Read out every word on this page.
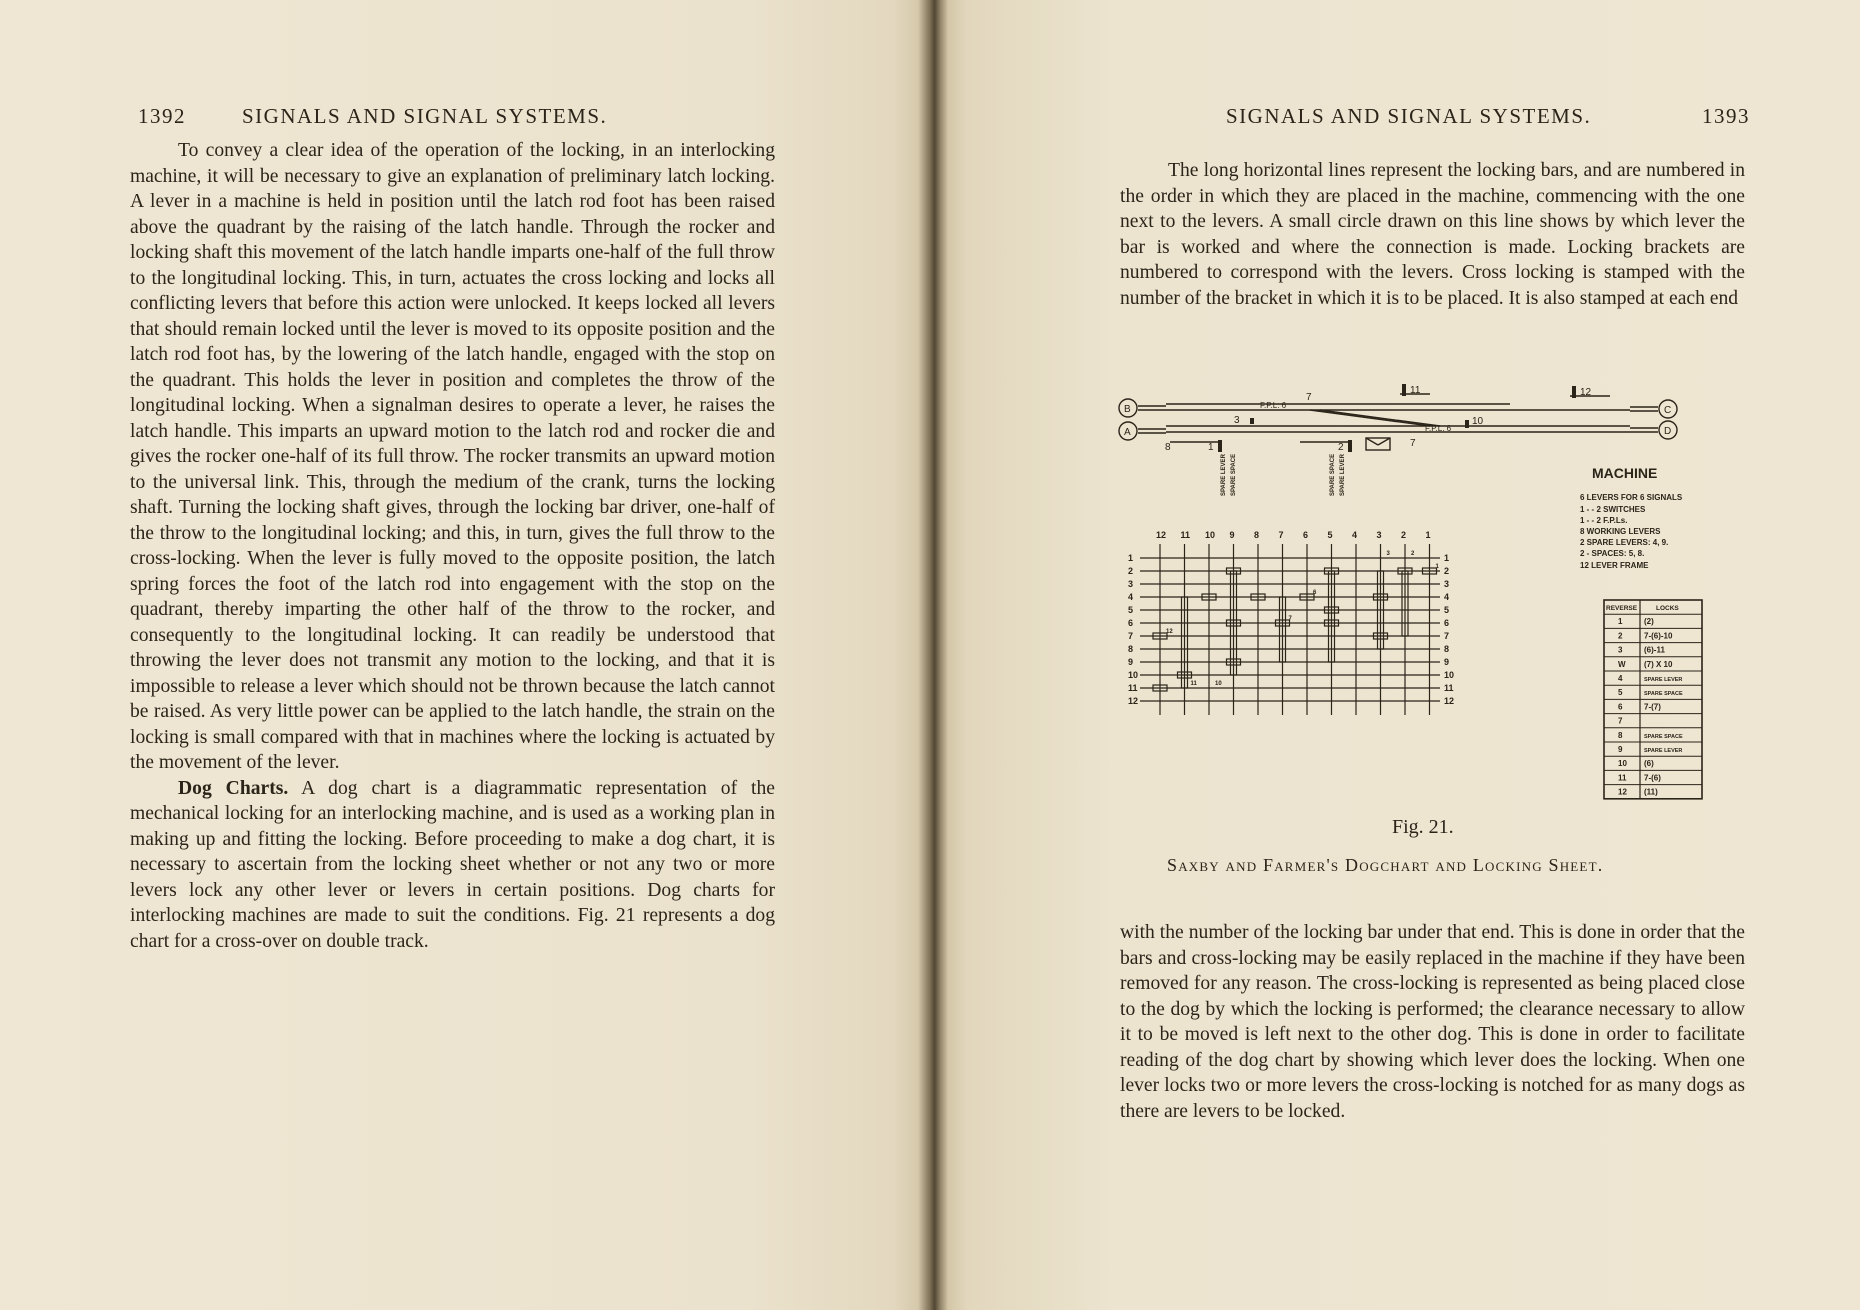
1392	SIGNALS AND SIGNAL SYSTEMS.

To convey a clear idea of the operation of the locking, in an interlocking machine, it will be necessary to give an explanation of preliminary latch locking. A lever in a machine is held in position until the latch rod foot has been raised above the quadrant by the raising of the latch handle. Through the rocker and locking shaft this movement of the latch handle imparts one-half of the full throw to the longitudinal locking. This, in turn, actuates the cross locking and locks all conflicting levers that before this action were unlocked. It keeps locked all levers that should remain locked until the lever is moved to its opposite position and the latch rod foot has, by the lowering of the latch handle, engaged with the stop on the quadrant. This holds the lever in position and completes the throw of the longitudinal locking. When a signalman desires to operate a lever, he raises the latch handle. This imparts an upward motion to the latch rod and rocker die and gives the rocker one-half of its full throw. The rocker transmits an upward motion to the universal link. This, through the medium of the crank, turns the locking shaft. Turning the locking shaft gives, through the locking bar driver, one-half of the throw to the longitudinal locking; and this, in turn, gives the full throw to the cross-locking. When the lever is fully moved to the opposite position, the latch spring forces the foot of the latch rod into engagement with the stop on the quadrant, thereby imparting the other half of the throw to the rocker, and consequently to the longitudinal locking. It can readily be understood that throwing the lever does not transmit any motion to the locking, and that it is impossible to release a lever which should not be thrown because the latch cannot be raised. As very little power can be applied to the latch handle, the strain on the locking is small compared with that in machines where the locking is actuated by the movement of the lever.

Dog Charts. A dog chart is a diagrammatic representation of the mechanical locking for an interlocking machine, and is used as a working plan in making up and fitting the locking. Before proceeding to make a dog chart, it is necessary to ascertain from the locking sheet whether or not any two or more levers lock any other lever or levers in certain positions. Dog charts for interlocking machines are made to suit the conditions. Fig. 21 represents a dog chart for a cross-over on double track.

SIGNALS AND SIGNAL SYSTEMS.	1393

The long horizontal lines represent the locking bars, and are numbered in the order in which they are placed in the machine, commencing with the one next to the levers. A small circle drawn on this line shows by which lever the bar is worked and where the connection is made. Locking brackets are numbered to correspond with the levers. Cross locking is stamped with the number of the bracket in which it is to be placed. It is also stamped at each end

B
A
C
D
F.P.L. 6
F.P.L. 6
7
11	12
3	10
7
8	1	2
MACHINE
6 LEVERS FOR 6 SIGNALS
1 - - 2 SWITCHES
1 - - 2 F.P.Ls.
8 WORKING LEVERS
2 SPARE LEVERS: 4, 9.
2 - SPACES: 5, 8.
12 LEVER FRAME
SPARE LEVER SPARE SPACE	SPARE SPACE SPARE LEVER
1	1
2	2
3	3
4	4
5	5
6	6
7	7
8	8
9	9
10	10
11	11
12	12
12 11 10 9 8 7 6 5 4 3 2 1
12
11	10
7
6
3	2
1
REVERSE	LOCKS
1	(2)
2	7-(6)-10
3	(6)-11
W (7) X 10
4	SPARE LEVER
5	SPARE SPACE
6	7-(7)
7
8	SPARE SPACE
9	SPARE LEVER
10 (6)
11 7-(6)
12 (11)
Fig. 21.
Saxby and Farmer's Dogchart and Locking Sheet.

with the number of the locking bar under that end. This is done in order that the bars and cross-locking may be easily replaced in the machine if they have been removed for any reason. The cross-locking is represented as being placed close to the dog by which the locking is performed; the clearance necessary to allow it to be moved is left next to the other dog. This is done in order to facilitate reading of the dog chart by showing which lever does the locking. When one lever locks two or more levers the cross-locking is notched for as many dogs as there are levers to be locked.
